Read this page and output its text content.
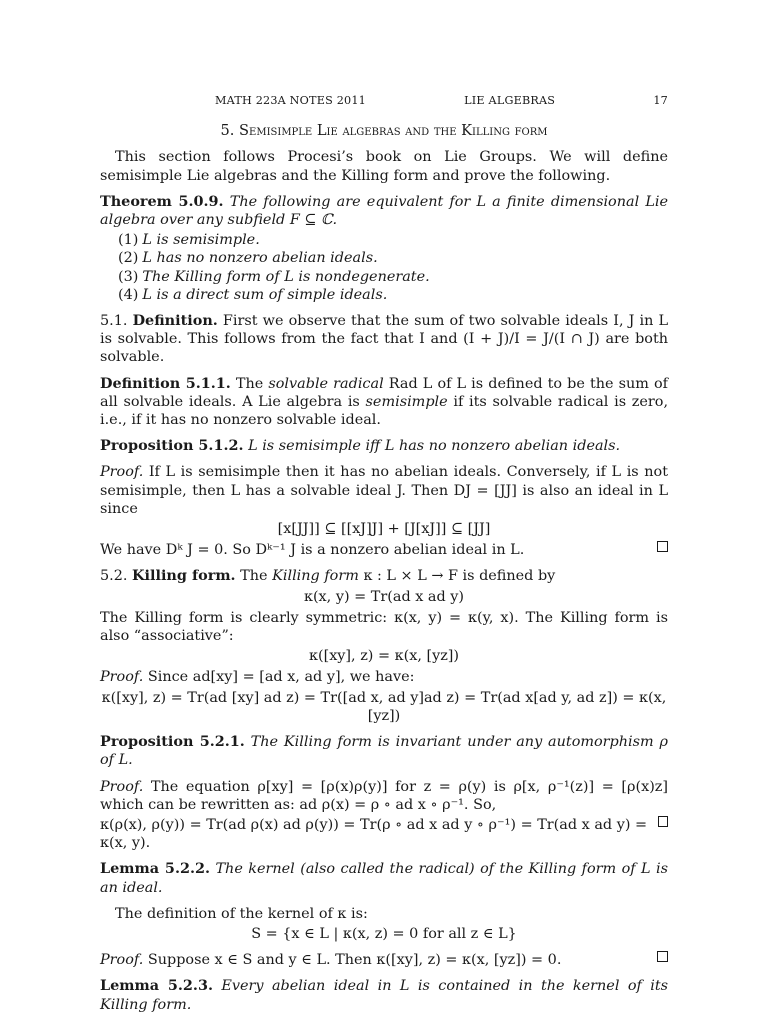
MATH 223A NOTES 2011	LIE ALGEBRAS	17
5. Semisimple Lie algebras and the Killing form

This section follows Procesi’s book on Lie Groups. We will define semisimple Lie algebras and the Killing form and prove the following.

Theorem 5.0.9. The following are equivalent for L a finite dimensional Lie algebra over any subfield F ⊆ ℂ.

(1) L is semisimple.
(2) L has no nonzero abelian ideals.
(3) The Killing form of L is nondegenerate.
(4) L is a direct sum of simple ideals.

5.1. Definition. First we observe that the sum of two solvable ideals I, J in L is solvable. This follows from the fact that I and (I + J)/I = J/(I ∩ J) are both solvable.

Definition 5.1.1. The solvable radical Rad L of L is defined to be the sum of all solvable ideals. A Lie algebra is semisimple if its solvable radical is zero, i.e., if it has no nonzero solvable ideal.

Proposition 5.1.2. L is semisimple iff L has no nonzero abelian ideals.

Proof. If L is semisimple then it has no abelian ideals. Conversely, if L is not semisimple, then L has a solvable ideal J. Then DJ = [JJ] is also an ideal in L since

[x[JJ]] ⊆ [[xJ]J] + [J[xJ]] ⊆ [JJ]

We have Dᵏ J = 0. So Dᵏ⁻¹ J is a nonzero abelian ideal in L.

5.2. Killing form. The Killing form κ : L × L → F is defined by

κ(x, y) = Tr(ad x ad y)

The Killing form is clearly symmetric: κ(x, y) = κ(y, x). The Killing form is also “associative”:

κ([xy], z) = κ(x, [yz])

Proof. Since ad[xy] = [ad x, ad y], we have:

κ([xy], z) = Tr(ad [xy] ad z) = Tr([ad x, ad y]ad z) = Tr(ad x[ad y, ad z]) = κ(x, [yz])

Proposition 5.2.1. The Killing form is invariant under any automorphism ρ of L.

Proof. The equation ρ[xy] = [ρ(x)ρ(y)] for z = ρ(y) is ρ[x, ρ⁻¹(z)] = [ρ(x)z] which can be rewritten as: ad ρ(x) = ρ ∘ ad x ∘ ρ⁻¹. So,

κ(ρ(x), ρ(y)) = Tr(ad ρ(x) ad ρ(y)) = Tr(ρ ∘ ad x ad y ∘ ρ⁻¹) = Tr(ad x ad y) = κ(x, y).

Lemma 5.2.2. The kernel (also called the radical) of the Killing form of L is an ideal.

The definition of the kernel of κ is:

S = {x ∈ L | κ(x, z) = 0 for all z ∈ L}

Proof. Suppose x ∈ S and y ∈ L. Then κ([xy], z) = κ(x, [yz]) = 0.

Lemma 5.2.3. Every abelian ideal in L is contained in the kernel of its Killing form.
